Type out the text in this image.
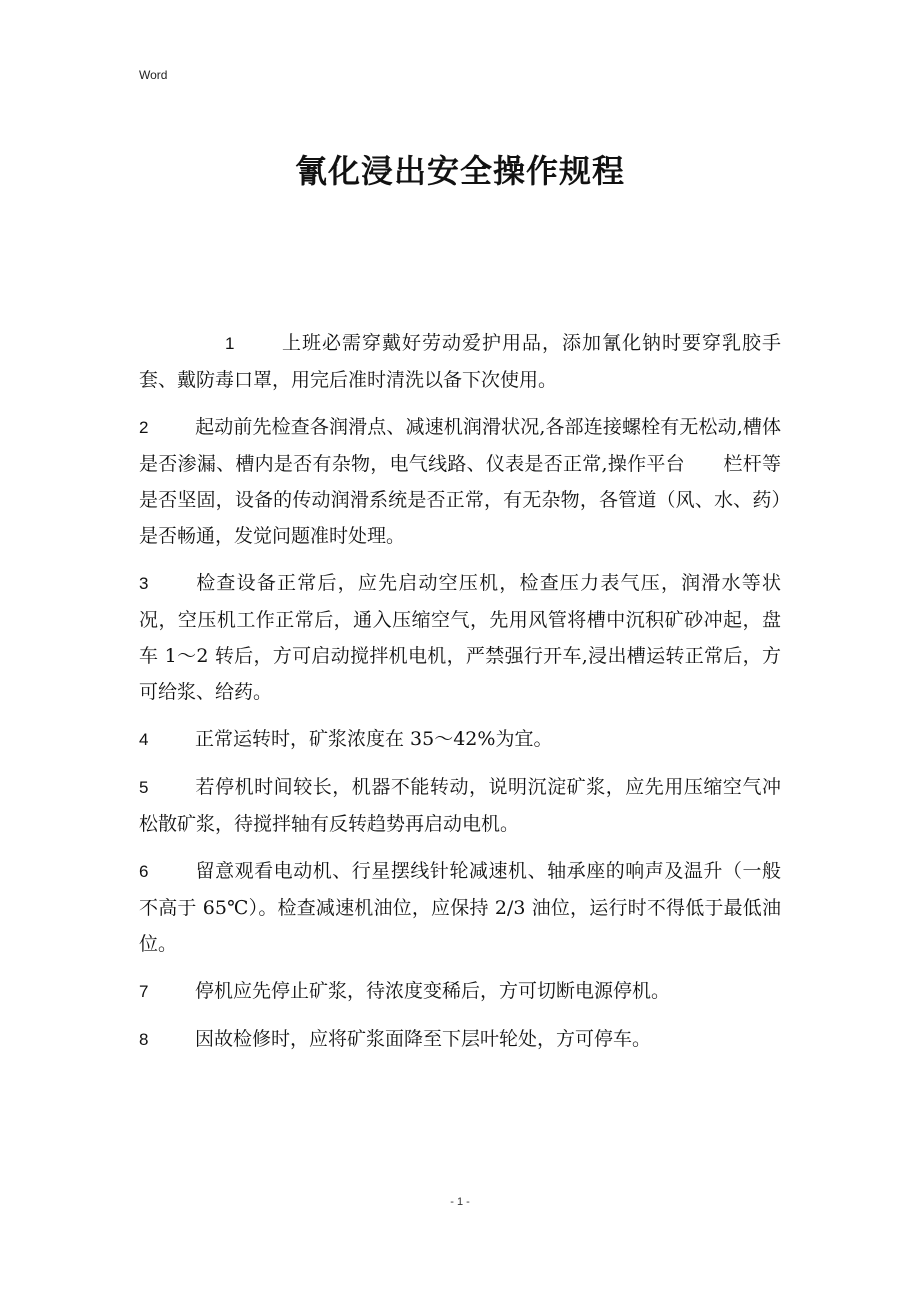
Word
氰化浸出安全操作规程

1 上班必需穿戴好劳动爱护用品，添加氰化钠时要穿乳胶手套、戴防毒口罩，用完后准时清洗以备下次使用。

2 起动前先检查各润滑点、减速机润滑状况,各部连接螺栓有无松动,槽体是否渗漏、槽内是否有杂物，电气线路、仪表是否正常,操作平台　　栏杆等是否坚固，设备的传动润滑系统是否正常，有无杂物，各管道（风、水、药）是否畅通，发觉问题准时处理。

3 检查设备正常后，应先启动空压机，检查压力表气压，润滑水等状况，空压机工作正常后，通入压缩空气，先用风管将槽中沉积矿砂冲起，盘车 1～2 转后，方可启动搅拌机电机，严禁强行开车,浸出槽运转正常后，方可给浆、给药。

4 正常运转时，矿浆浓度在 35～42%为宜。

5 若停机时间较长，机器不能转动，说明沉淀矿浆，应先用压缩空气冲松散矿浆，待搅拌轴有反转趋势再启动电机。

6 留意观看电动机、行星摆线针轮减速机、轴承座的响声及温升（一般不高于 65℃）。检查减速机油位，应保持 2/3 油位，运行时不得低于最低油位。

7 停机应先停止矿浆，待浓度变稀后，方可切断电源停机。

8 因故检修时，应将矿浆面降至下层叶轮处，方可停车。

- 1 -
